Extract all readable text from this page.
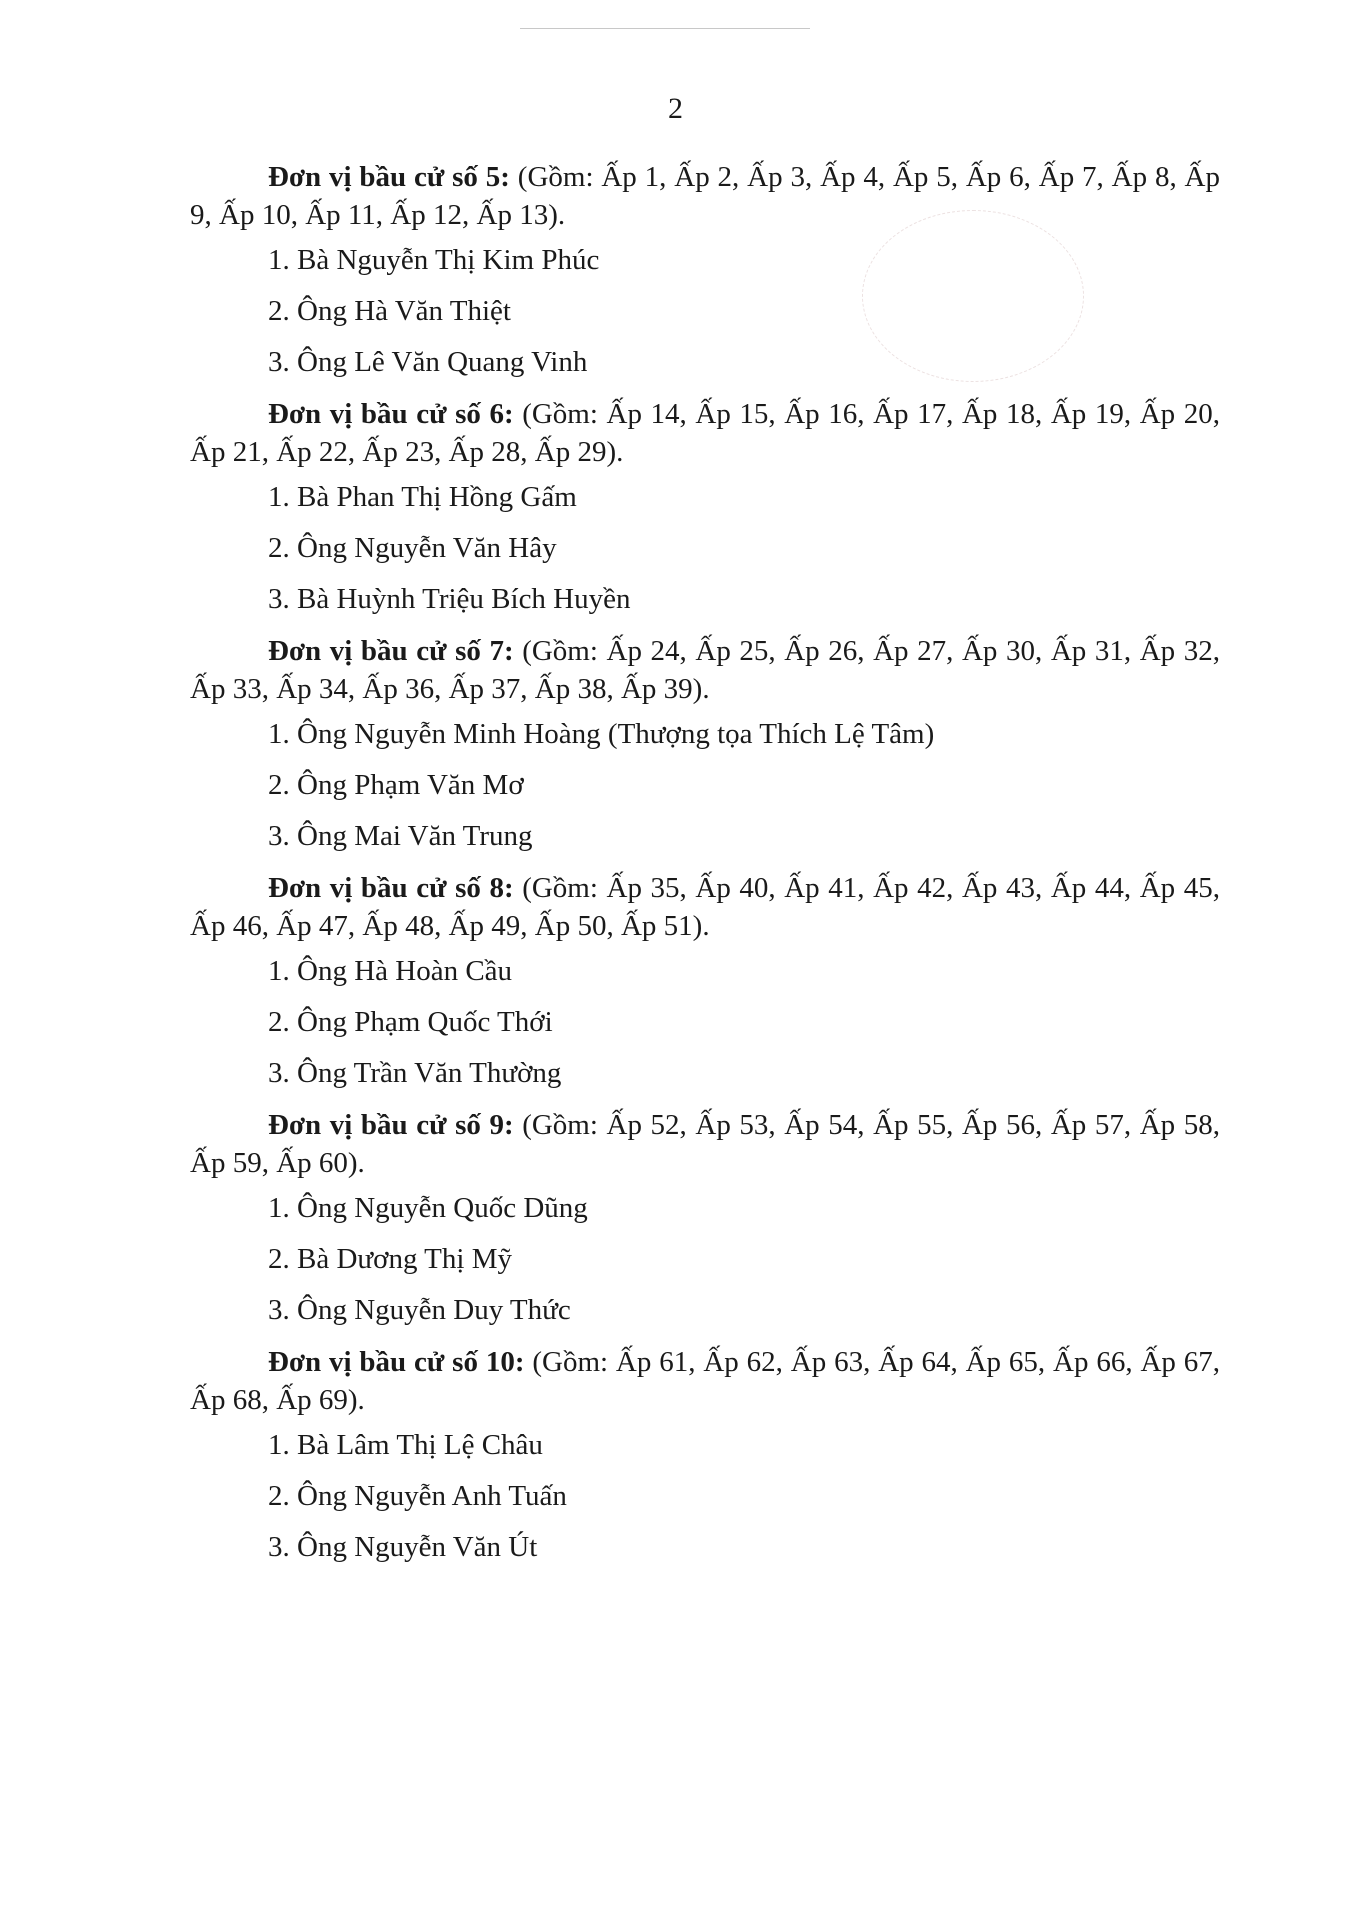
2

Đơn vị bầu cử số 5: (Gồm: Ấp 1, Ấp 2, Ấp 3, Ấp 4, Ấp 5, Ấp 6, Ấp 7, Ấp 8, Ấp 9, Ấp 10, Ấp 11, Ấp 12, Ấp 13).

1. Bà Nguyễn Thị Kim Phúc

2. Ông Hà Văn Thiệt

3. Ông Lê Văn Quang Vinh

Đơn vị bầu cử số 6: (Gồm: Ấp 14, Ấp 15, Ấp 16, Ấp 17, Ấp 18, Ấp 19, Ấp 20, Ấp 21, Ấp 22, Ấp 23, Ấp 28, Ấp 29).

1. Bà Phan Thị Hồng Gấm

2. Ông Nguyễn Văn Hây

3. Bà Huỳnh Triệu Bích Huyền

Đơn vị bầu cử số 7: (Gồm: Ấp 24, Ấp 25, Ấp 26, Ấp 27, Ấp 30, Ấp 31, Ấp 32, Ấp 33, Ấp 34, Ấp 36, Ấp 37, Ấp 38, Ấp 39).

1. Ông Nguyễn Minh Hoàng (Thượng tọa Thích Lệ Tâm)

2. Ông Phạm Văn Mơ

3. Ông Mai Văn Trung

Đơn vị bầu cử số 8: (Gồm: Ấp 35, Ấp 40, Ấp 41, Ấp 42, Ấp 43, Ấp 44, Ấp 45, Ấp 46, Ấp 47, Ấp 48, Ấp 49, Ấp 50, Ấp 51).

1. Ông Hà Hoàn Cầu

2. Ông Phạm Quốc Thới

3. Ông Trần Văn Thường

Đơn vị bầu cử số 9: (Gồm: Ấp 52, Ấp 53, Ấp 54, Ấp 55, Ấp 56, Ấp 57, Ấp 58, Ấp 59, Ấp 60).

1. Ông Nguyễn Quốc Dũng

2. Bà Dương Thị Mỹ

3. Ông Nguyễn Duy Thức

Đơn vị bầu cử số 10: (Gồm: Ấp 61, Ấp 62, Ấp 63, Ấp 64, Ấp 65, Ấp 66, Ấp 67, Ấp 68, Ấp 69).

1. Bà Lâm Thị Lệ Châu

2. Ông Nguyễn Anh Tuấn

3. Ông Nguyễn Văn Út
